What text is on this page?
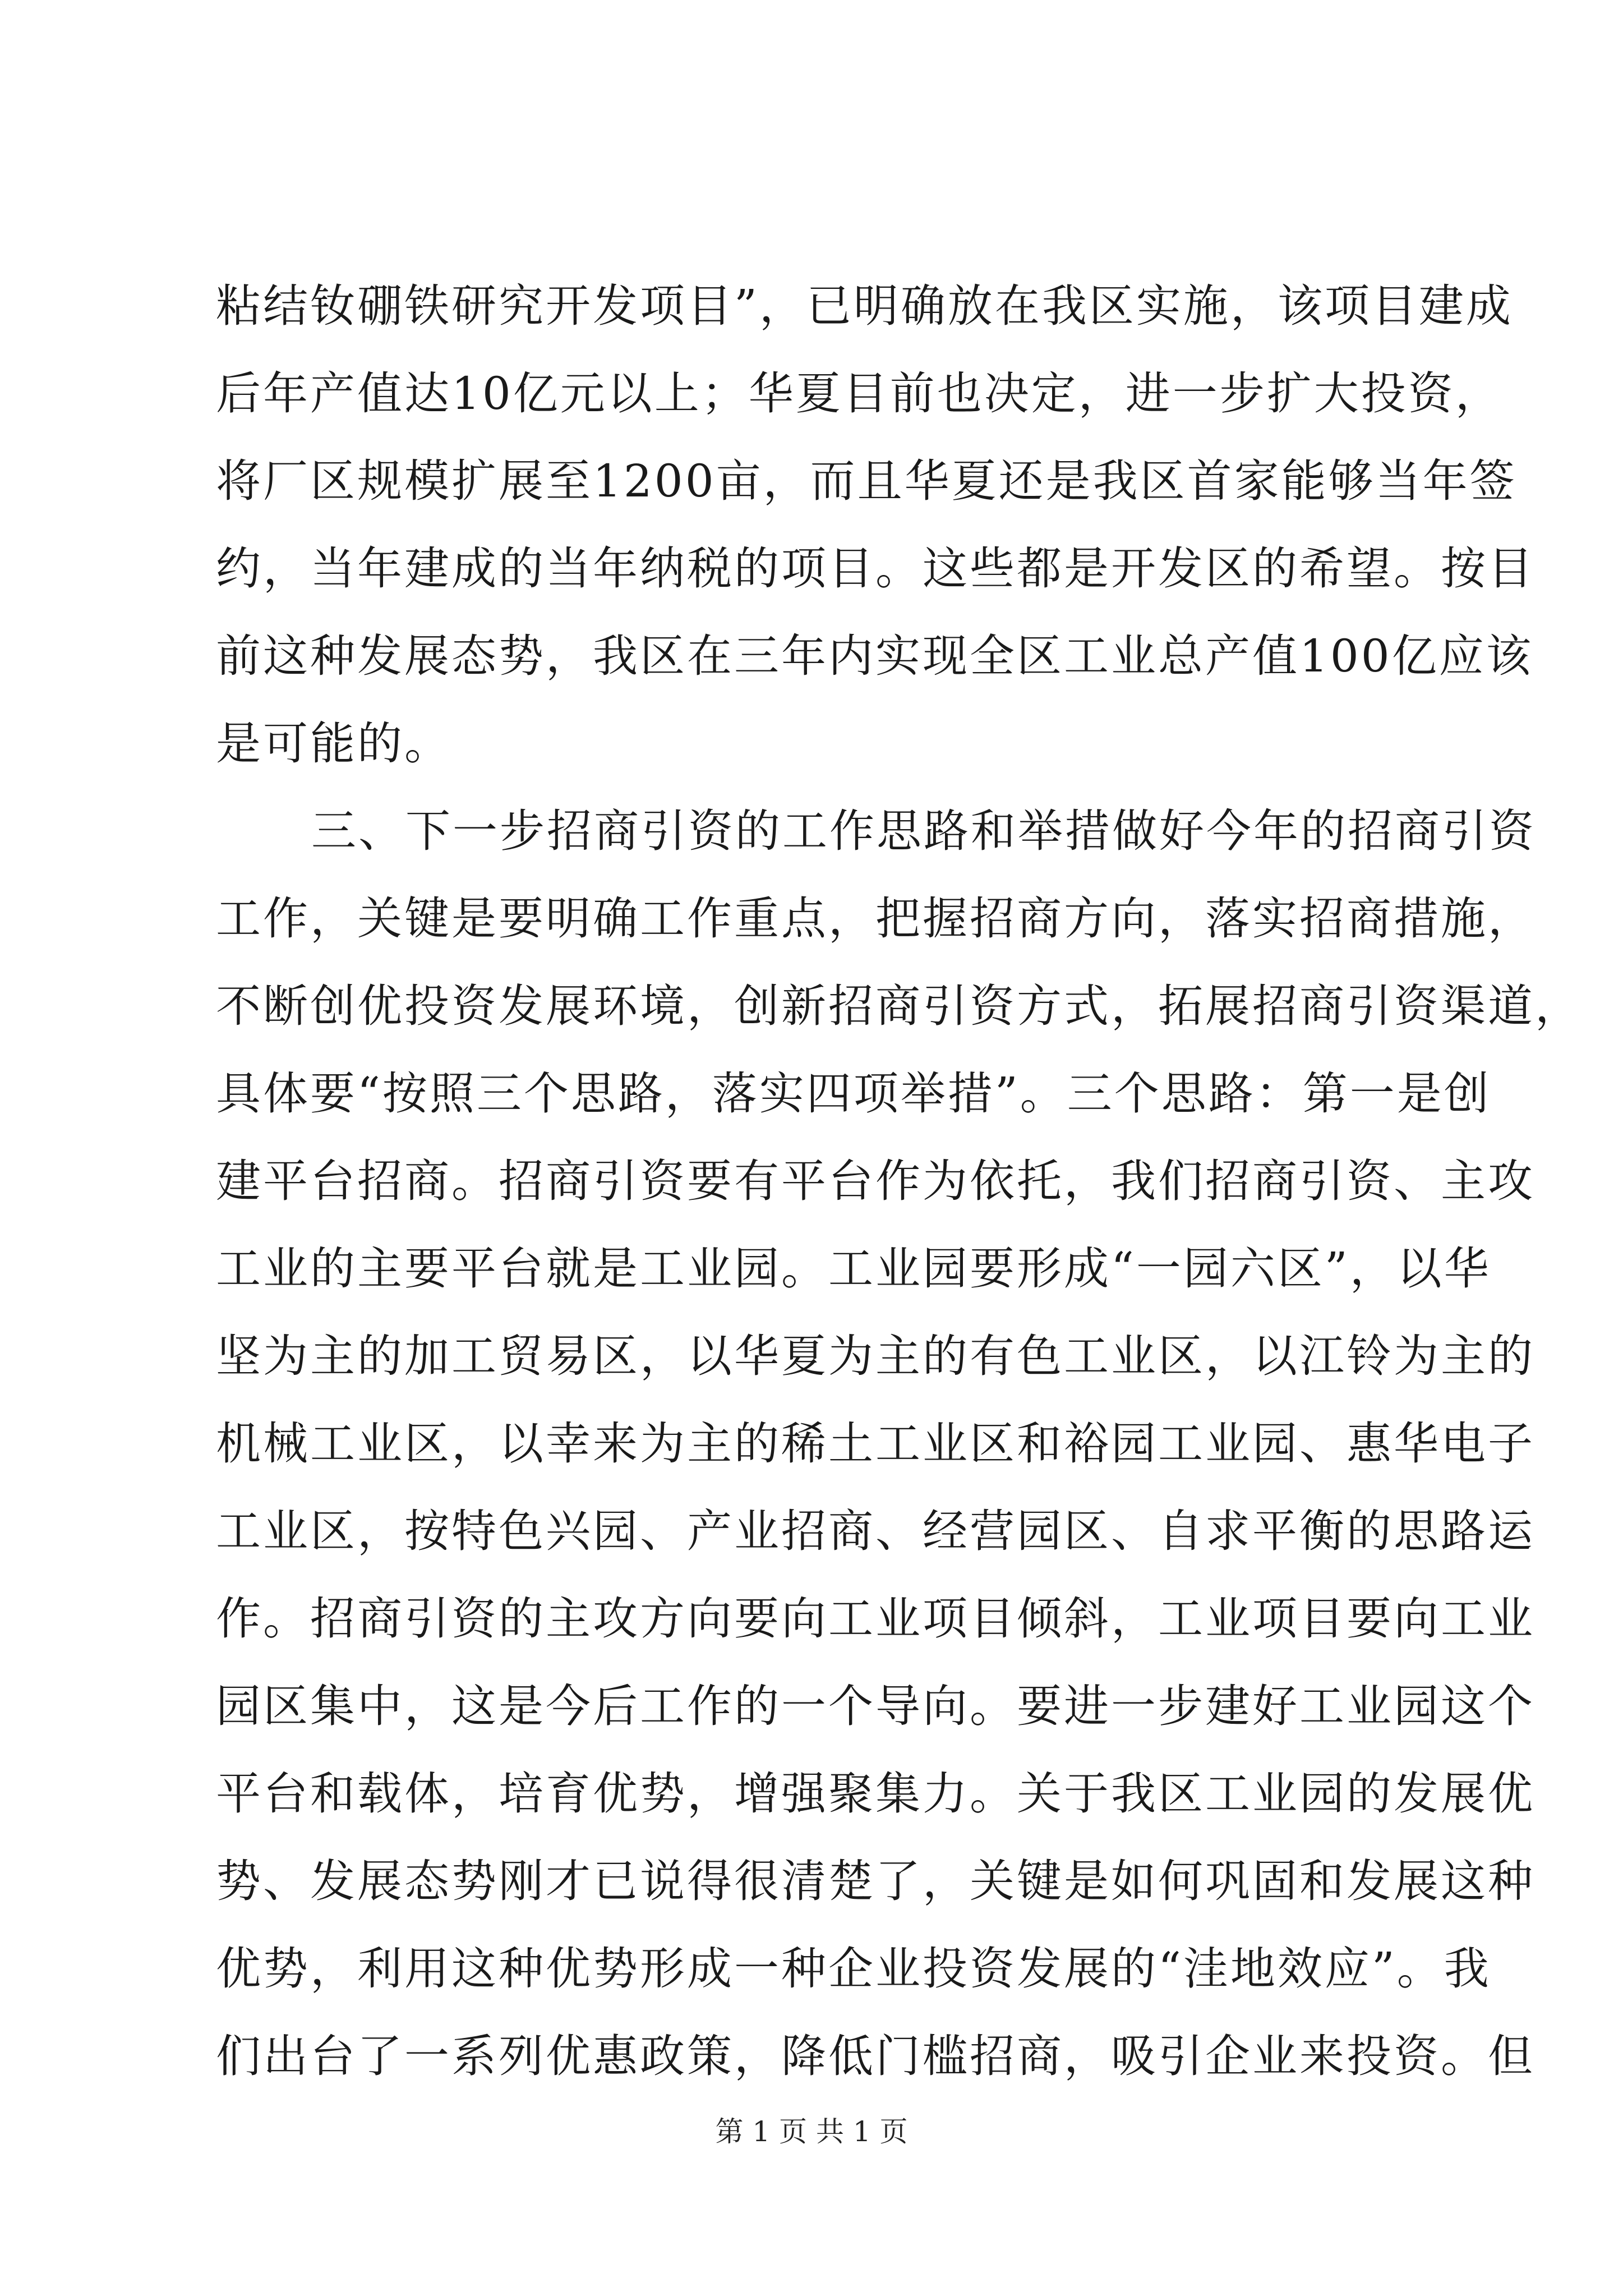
粘结钕硼铁研究开发项目”，已明确放在我区实施，该项目建成
后年产值达10亿元以上；华夏目前也决定，进一步扩大投资，
将厂区规模扩展至1200亩，而且华夏还是我区首家能够当年签
约，当年建成的当年纳税的项目。这些都是开发区的希望。按目
前这种发展态势，我区在三年内实现全区工业总产值100亿应该
是可能的。
三、下一步招商引资的工作思路和举措做好今年的招商引资
工作，关键是要明确工作重点，把握招商方向，落实招商措施，
不断创优投资发展环境，创新招商引资方式，拓展招商引资渠道，
具体要“按照三个思路，落实四项举措”。三个思路：第一是创
建平台招商。招商引资要有平台作为依托，我们招商引资、主攻
工业的主要平台就是工业园。工业园要形成“一园六区”，以华
坚为主的加工贸易区，以华夏为主的有色工业区，以江铃为主的
机械工业区，以幸来为主的稀土工业区和裕园工业园、惠华电子
工业区，按特色兴园、产业招商、经营园区、自求平衡的思路运
作。招商引资的主攻方向要向工业项目倾斜，工业项目要向工业
园区集中，这是今后工作的一个导向。要进一步建好工业园这个
平台和载体，培育优势，增强聚集力。关于我区工业园的发展优
势、发展态势刚才已说得很清楚了，关键是如何巩固和发展这种
优势，利用这种优势形成一种企业投资发展的“洼地效应”。我
们出台了一系列优惠政策，降低门槛招商，吸引企业来投资。但
第 1 页 共 1 页
